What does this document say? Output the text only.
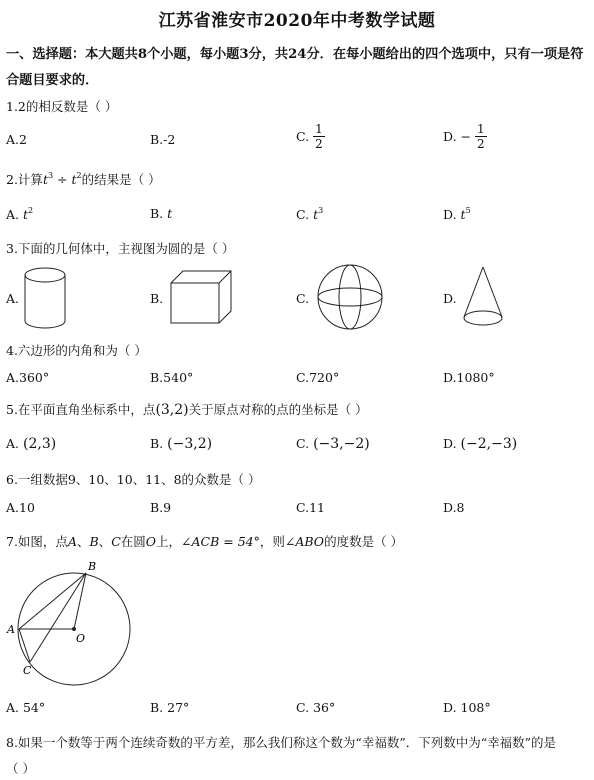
江苏省淮安市2020年中考数学试题
一、选择题：本大题共8个小题，每小题3分，共24分．在每小题给出的四个选项中，只有一项是符合题目要求的．
1.2的相反数是（ ）
A.2	B.-2	C. $\frac{1}{2}$	D. − $\frac{1}{2}$
2.计算$t^3 \div t^2$的结果是（ ）
A. $t^2$	B. t	C. $t^3$	D. $t^5$
3.下面的几何体中，主视图为圆的是（ ）
A.	B.	C.	D.
4.六边形的内角和为（ ）
A.360°	B.540°	C.720°	D.1080°
5.在平面直角坐标系中，点(3,2)关于原点对称的点的坐标是（ ）
A. (2,3)	B. (−3,2)	C. (−3,−2)	D. (−2,−3)
6.一组数据9、10、10、11、8的众数是（ ）
A.10	B.9	C.11	D.8
7.如图，点A、B、C在圆O上，∠ACB = 54°，则∠ABO的度数是（ ）
B
A
O
C
A. 54°	B. 27°	C. 36°	D. 108°
8.如果一个数等于两个连续奇数的平方差，那么我们称这个数为“幸福数”．下列数中为“幸福数”的是
（ ）
